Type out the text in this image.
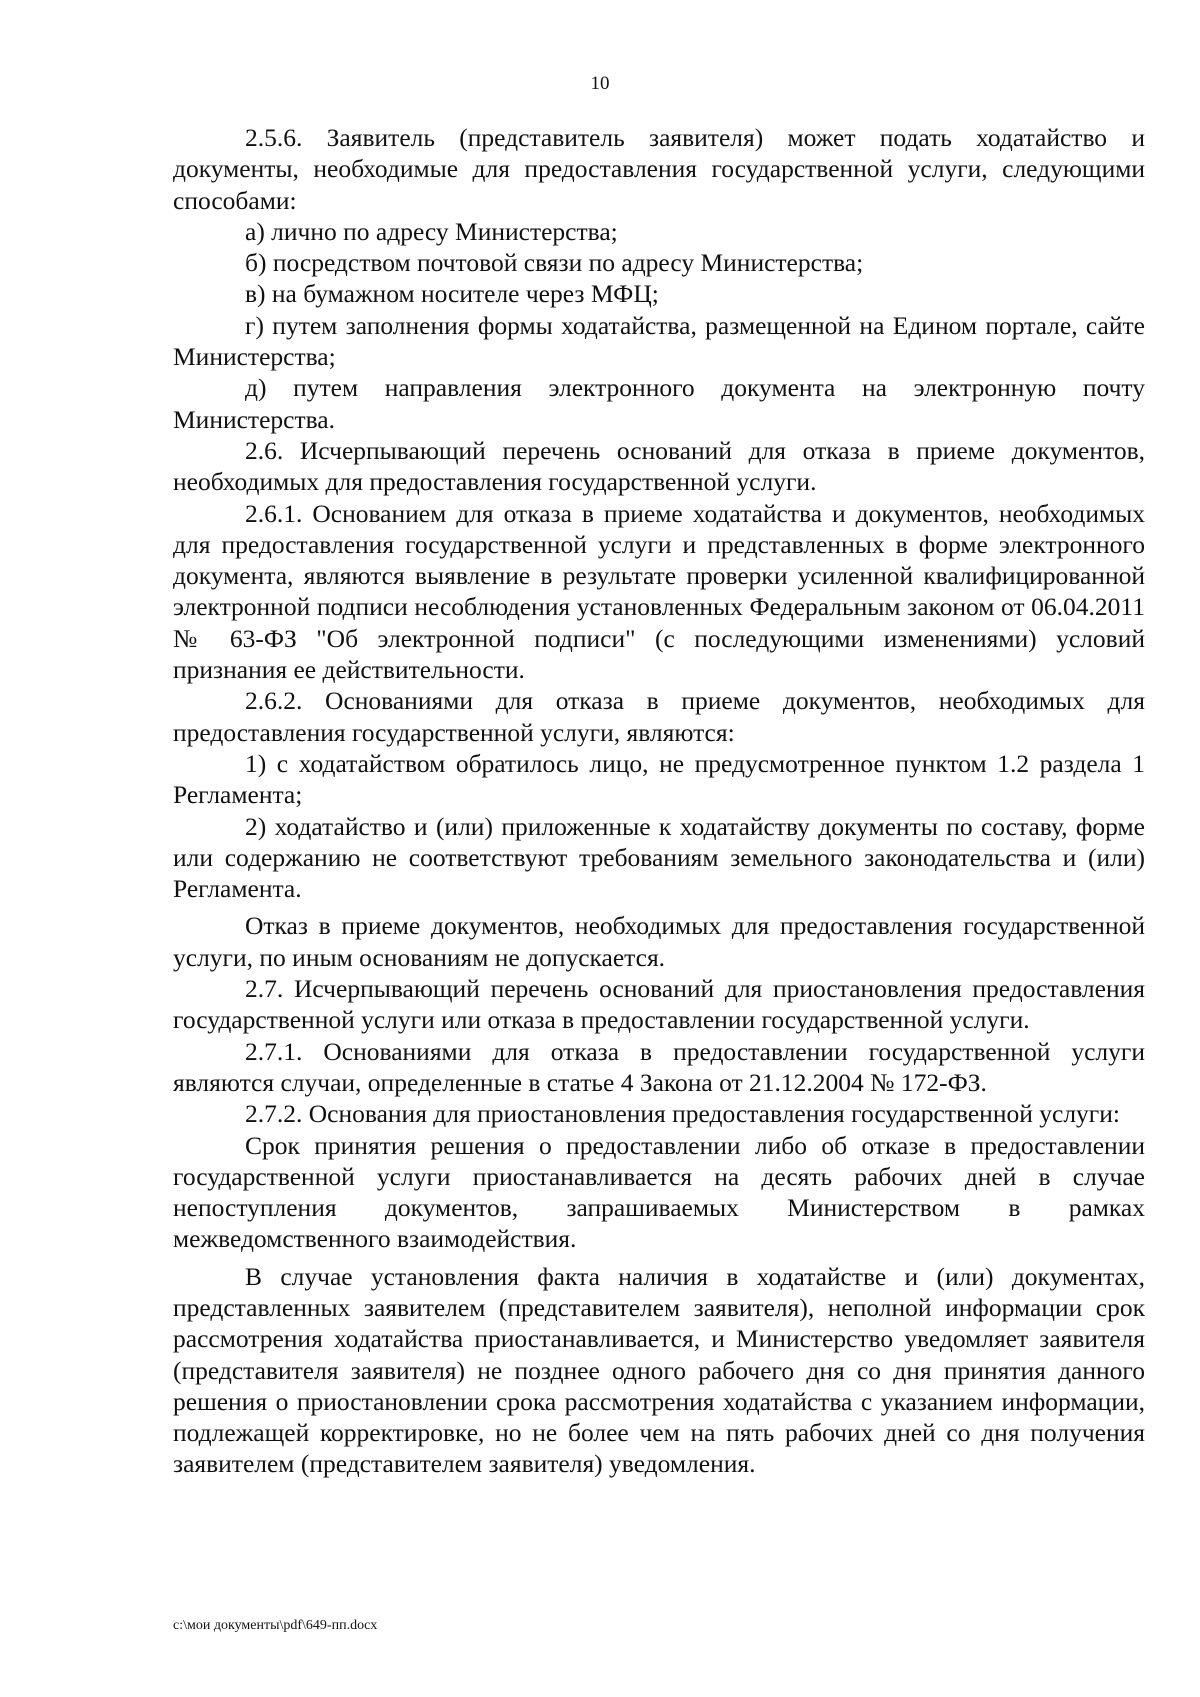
10

2.5.6. Заявитель (представитель заявителя) может подать ходатайство и документы, необходимые для предоставления государственной услуги, следующими способами:

а) лично по адресу Министерства;

б) посредством почтовой связи по адресу Министерства;

в) на бумажном носителе через МФЦ;

г) путем заполнения формы ходатайства, размещенной на Едином портале, сайте Министерства;

д) путем направления электронного документа на электронную почту Министерства.

2.6. Исчерпывающий перечень оснований для отказа в приеме документов, необходимых для предоставления государственной услуги.

2.6.1. Основанием для отказа в приеме ходатайства и документов, необходимых для предоставления государственной услуги и представленных в форме электронного документа, являются выявление в результате проверки усиленной квалифицированной электронной подписи несоблюдения установленных Федеральным законом от 06.04.2011 № 63-ФЗ "Об электронной подписи" (с последующими изменениями) условий признания ее действительности.

2.6.2. Основаниями для отказа в приеме документов, необходимых для предоставления государственной услуги, являются:

1) с ходатайством обратилось лицо, не предусмотренное пунктом 1.2 раздела 1 Регламента;

2) ходатайство и (или) приложенные к ходатайству документы по составу, форме или содержанию не соответствуют требованиям земельного законодательства и (или) Регламента.

Отказ в приеме документов, необходимых для предоставления государственной услуги, по иным основаниям не допускается.

2.7. Исчерпывающий перечень оснований для приостановления предоставления государственной услуги или отказа в предоставлении государственной услуги.

2.7.1. Основаниями для отказа в предоставлении государственной услуги являются случаи, определенные в статье 4 Закона от 21.12.2004 № 172-ФЗ.

2.7.2. Основания для приостановления предоставления государственной услуги:

Срок принятия решения о предоставлении либо об отказе в предоставлении государственной услуги приостанавливается на десять рабочих дней в случае непоступления документов, запрашиваемых Министерством в рамках межведомственного взаимодействия.

В случае установления факта наличия в ходатайстве и (или) документах, представленных заявителем (представителем заявителя), неполной информации срок рассмотрения ходатайства приостанавливается, и Министерство уведомляет заявителя (представителя заявителя) не позднее одного рабочего дня со дня принятия данного решения о приостановлении срока рассмотрения ходатайства с указанием информации, подлежащей корректировке, но не более чем на пять рабочих дней со дня получения заявителем (представителем заявителя) уведомления.

c:\мои документы\pdf\649-пп.docx
